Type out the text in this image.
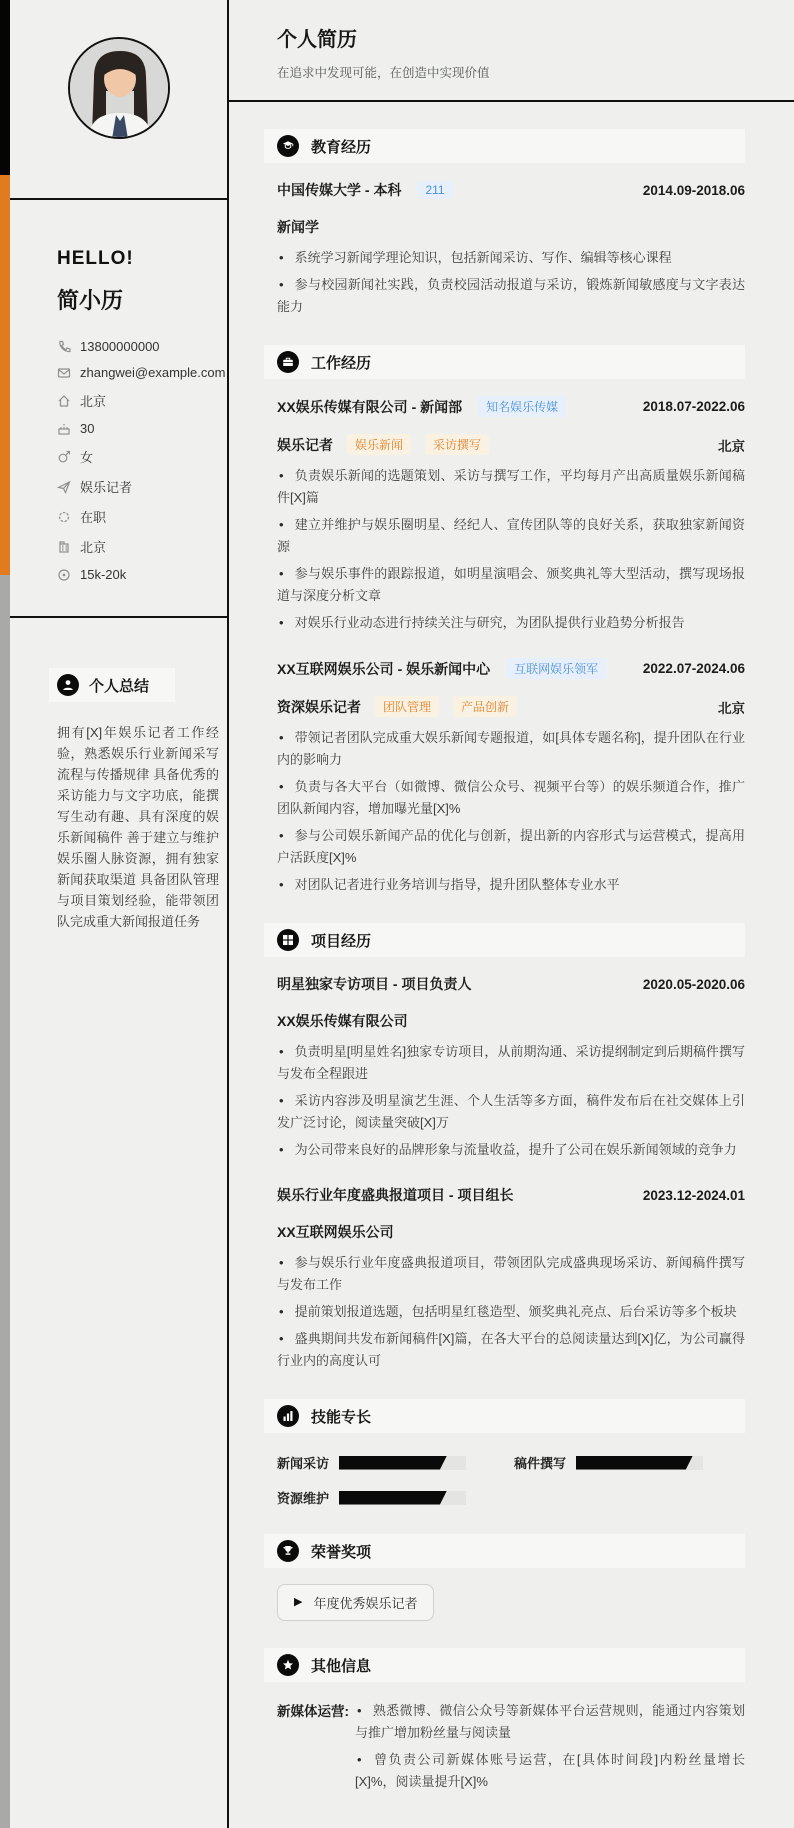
HELLO!
简小历
13800000000
zhangwei@example.com
北京
30
女
娱乐记者
在职
北京
15k-20k
个人总结

拥有[X]年娱乐记者工作经验，熟悉娱乐行业新闻采写流程与传播规律 具备优秀的采访能力与文字功底，能撰写生动有趣、具有深度的娱乐新闻稿件 善于建立与维护娱乐圈人脉资源，拥有独家新闻获取渠道 具备团队管理与项目策划经验，能带领团队完成重大新闻报道任务

个人简历
在追求中发现可能，在创造中实现价值
教育经历
中国传媒大学 - 本科	211	2014.09-2018.06
新闻学
• 系统学习新闻学理论知识，包括新闻采访、写作、编辑等核心课程
• 参与校园新闻社实践，负责校园活动报道与采访，锻炼新闻敏感度与文字表达能力
工作经历
XX娱乐传媒有限公司 - 新闻部	知名娱乐传媒	2018.07-2022.06
娱乐记者	娱乐新闻	采访撰写	北京
• 负责娱乐新闻的选题策划、采访与撰写工作，平均每月产出高质量娱乐新闻稿件[X]篇
• 建立并维护与娱乐圈明星、经纪人、宣传团队等的良好关系，获取独家新闻资源
• 参与娱乐事件的跟踪报道，如明星演唱会、颁奖典礼等大型活动，撰写现场报道与深度分析文章
• 对娱乐行业动态进行持续关注与研究，为团队提供行业趋势分析报告
XX互联网娱乐公司 - 娱乐新闻中心	互联网娱乐领军	2022.07-2024.06
资深娱乐记者	团队管理	产品创新	北京
• 带领记者团队完成重大娱乐新闻专题报道，如[具体专题名称]，提升团队在行业内的影响力
• 负责与各大平台（如微博、微信公众号、视频平台等）的娱乐频道合作，推广团队新闻内容，增加曝光量[X]%
• 参与公司娱乐新闻产品的优化与创新，提出新的内容形式与运营模式，提高用户活跃度[X]%
• 对团队记者进行业务培训与指导，提升团队整体专业水平
项目经历
明星独家专访项目 - 项目负责人	2020.05-2020.06
XX娱乐传媒有限公司
• 负责明星[明星姓名]独家专访项目，从前期沟通、采访提纲制定到后期稿件撰写与发布全程跟进
• 采访内容涉及明星演艺生涯、个人生活等多方面，稿件发布后在社交媒体上引发广泛讨论，阅读量突破[X]万
• 为公司带来良好的品牌形象与流量收益，提升了公司在娱乐新闻领域的竞争力
娱乐行业年度盛典报道项目 - 项目组长	2023.12-2024.01
XX互联网娱乐公司
• 参与娱乐行业年度盛典报道项目，带领团队完成盛典现场采访、新闻稿件撰写与发布工作
• 提前策划报道选题，包括明星红毯造型、颁奖典礼亮点、后台采访等多个板块
• 盛典期间共发布新闻稿件[X]篇，在各大平台的总阅读量达到[X]亿，为公司赢得行业内的高度认可
技能专长
新闻采访	稿件撰写
资源维护
荣誉奖项
▶ 年度优秀娱乐记者
其他信息
新媒体运营: • 熟悉微博、微信公众号等新媒体平台运营规则，能通过内容策划与推广增加粉丝量与阅读量
• 曾负责公司新媒体账号运营，在[具体时间段]内粉丝量增长[X]%，阅读量提升[X]%
